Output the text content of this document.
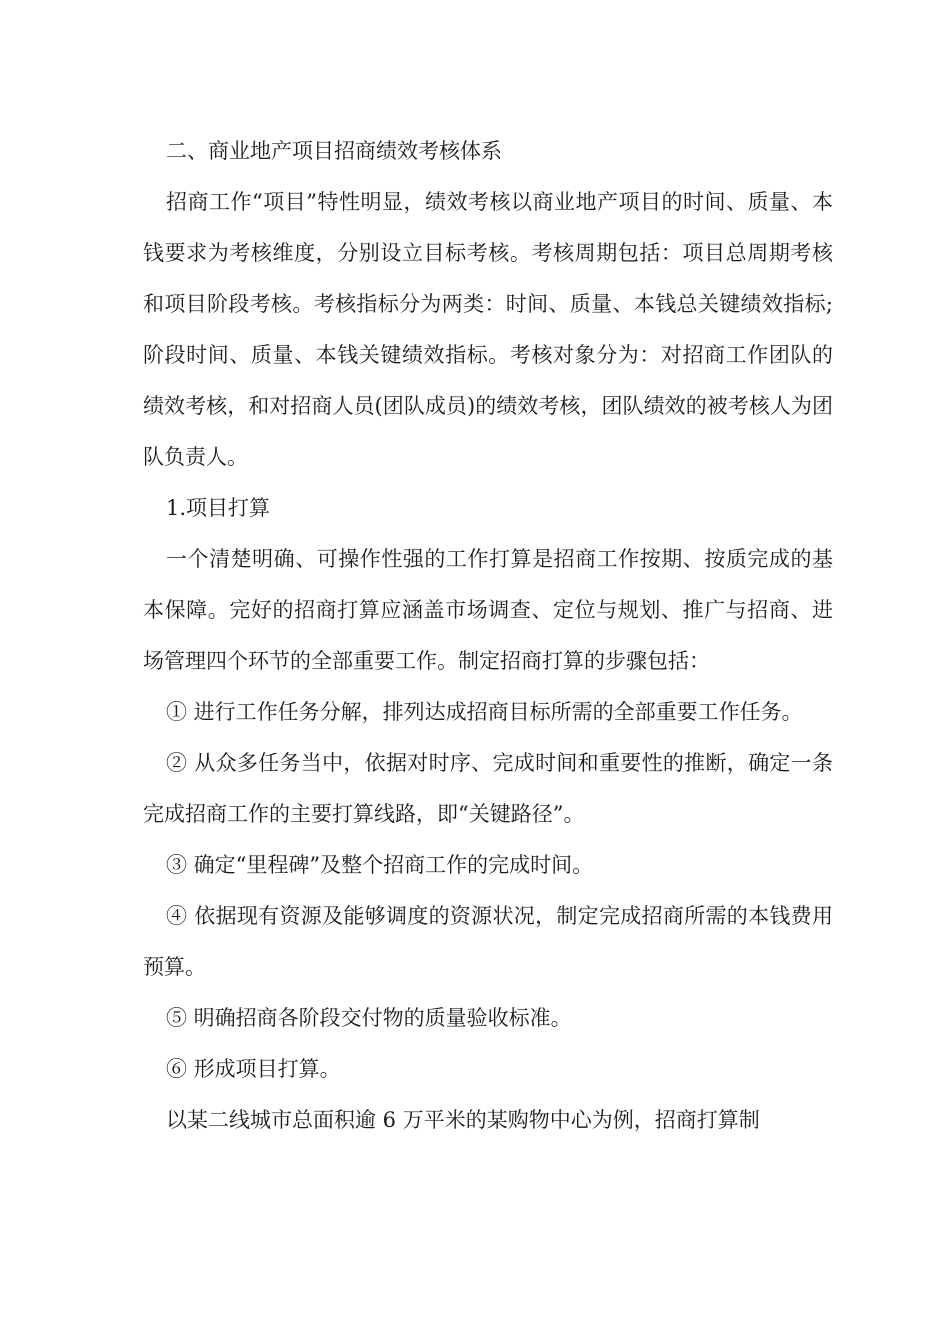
二、商业地产项目招商绩效考核体系

招商工作“项目”特性明显，绩效考核以商业地产项目的时间、质量、本钱要求为考核维度，分别设立目标考核。考核周期包括：项目总周期考核和项目阶段考核。考核指标分为两类：时间、质量、本钱总关键绩效指标;阶段时间、质量、本钱关键绩效指标。考核对象分为：对招商工作团队的绩效考核，和对招商人员(团队成员)的绩效考核，团队绩效的被考核人为团队负责人。

1.项目打算

一个清楚明确、可操作性强的工作打算是招商工作按期、按质完成的基本保障。完好的招商打算应涵盖市场调查、定位与规划、推广与招商、进场管理四个环节的全部重要工作。制定招商打算的步骤包括：

① 进行工作任务分解，排列达成招商目标所需的全部重要工作任务。

② 从众多任务当中，依据对时序、完成时间和重要性的推断，确定一条完成招商工作的主要打算线路，即“关键路径”。

③ 确定“里程碑”及整个招商工作的完成时间。

④ 依据现有资源及能够调度的资源状况，制定完成招商所需的本钱费用预算。

⑤ 明确招商各阶段交付物的质量验收标准。

⑥ 形成项目打算。

以某二线城市总面积逾 6 万平米的某购物中心为例，招商打算制
